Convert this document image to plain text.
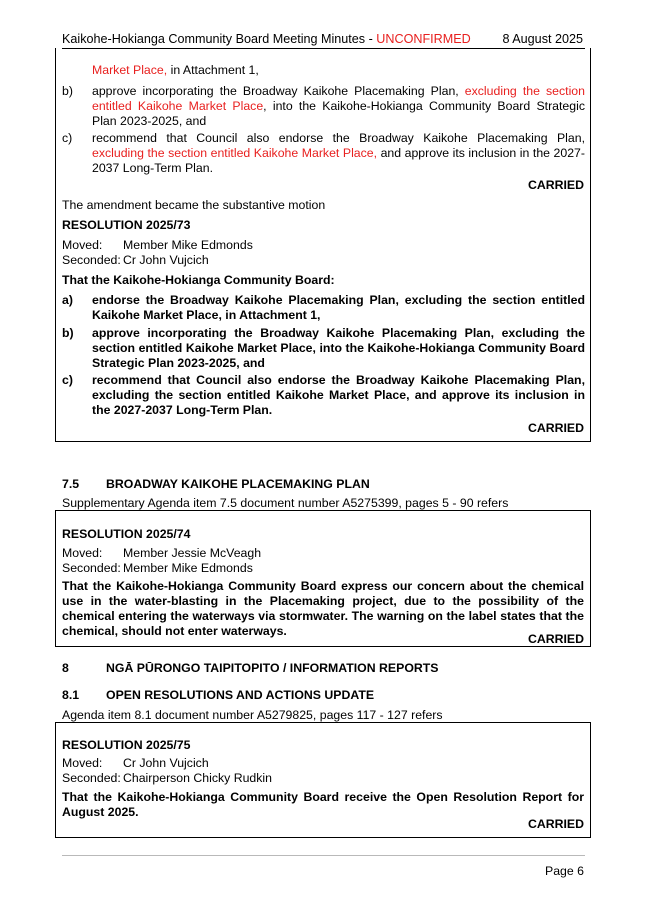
Kaikohe-Hokianga Community Board Meeting Minutes - UNCONFIRMED	8 August 2025

Market Place, in Attachment 1,

b) approve incorporating the Broadway Kaikohe Placemaking Plan, excluding the section entitled Kaikohe Market Place, into the Kaikohe-Hokianga Community Board Strategic Plan 2023-2025, and

c) recommend that Council also endorse the Broadway Kaikohe Placemaking Plan, excluding the section entitled Kaikohe Market Place, and approve its inclusion in the 2027-2037 Long-Term Plan.

CARRIED

The amendment became the substantive motion

RESOLUTION 2025/73

Moved: Member Mike Edmonds

Seconded: Cr John Vujcich

That the Kaikohe-Hokianga Community Board:

a) endorse the Broadway Kaikohe Placemaking Plan, excluding the section entitled Kaikohe Market Place, in Attachment 1,

b) approve incorporating the Broadway Kaikohe Placemaking Plan, excluding the section entitled Kaikohe Market Place, into the Kaikohe-Hokianga Community Board Strategic Plan 2023-2025, and

c) recommend that Council also endorse the Broadway Kaikohe Placemaking Plan, excluding the section entitled Kaikohe Market Place, and approve its inclusion in the 2027-2037 Long-Term Plan.

CARRIED

7.5 BROADWAY KAIKOHE PLACEMAKING PLAN

Supplementary Agenda item 7.5 document number A5275399, pages 5 - 90 refers

RESOLUTION 2025/74

Moved: Member Jessie McVeagh

Seconded: Member Mike Edmonds

That the Kaikohe-Hokianga Community Board express our concern about the chemical use in the water-blasting in the Placemaking project, due to the possibility of the chemical entering the waterways via stormwater. The warning on the label states that the chemical, should not enter waterways.

CARRIED

8	NGĀ PŪRONGO TAIPITOPITO / INFORMATION REPORTS

8.1 OPEN RESOLUTIONS AND ACTIONS UPDATE

Agenda item 8.1 document number A5279825, pages 117 - 127 refers

RESOLUTION 2025/75

Moved: Cr John Vujcich

Seconded: Chairperson Chicky Rudkin

That the Kaikohe-Hokianga Community Board receive the Open Resolution Report for August 2025.

CARRIED

Page 6
